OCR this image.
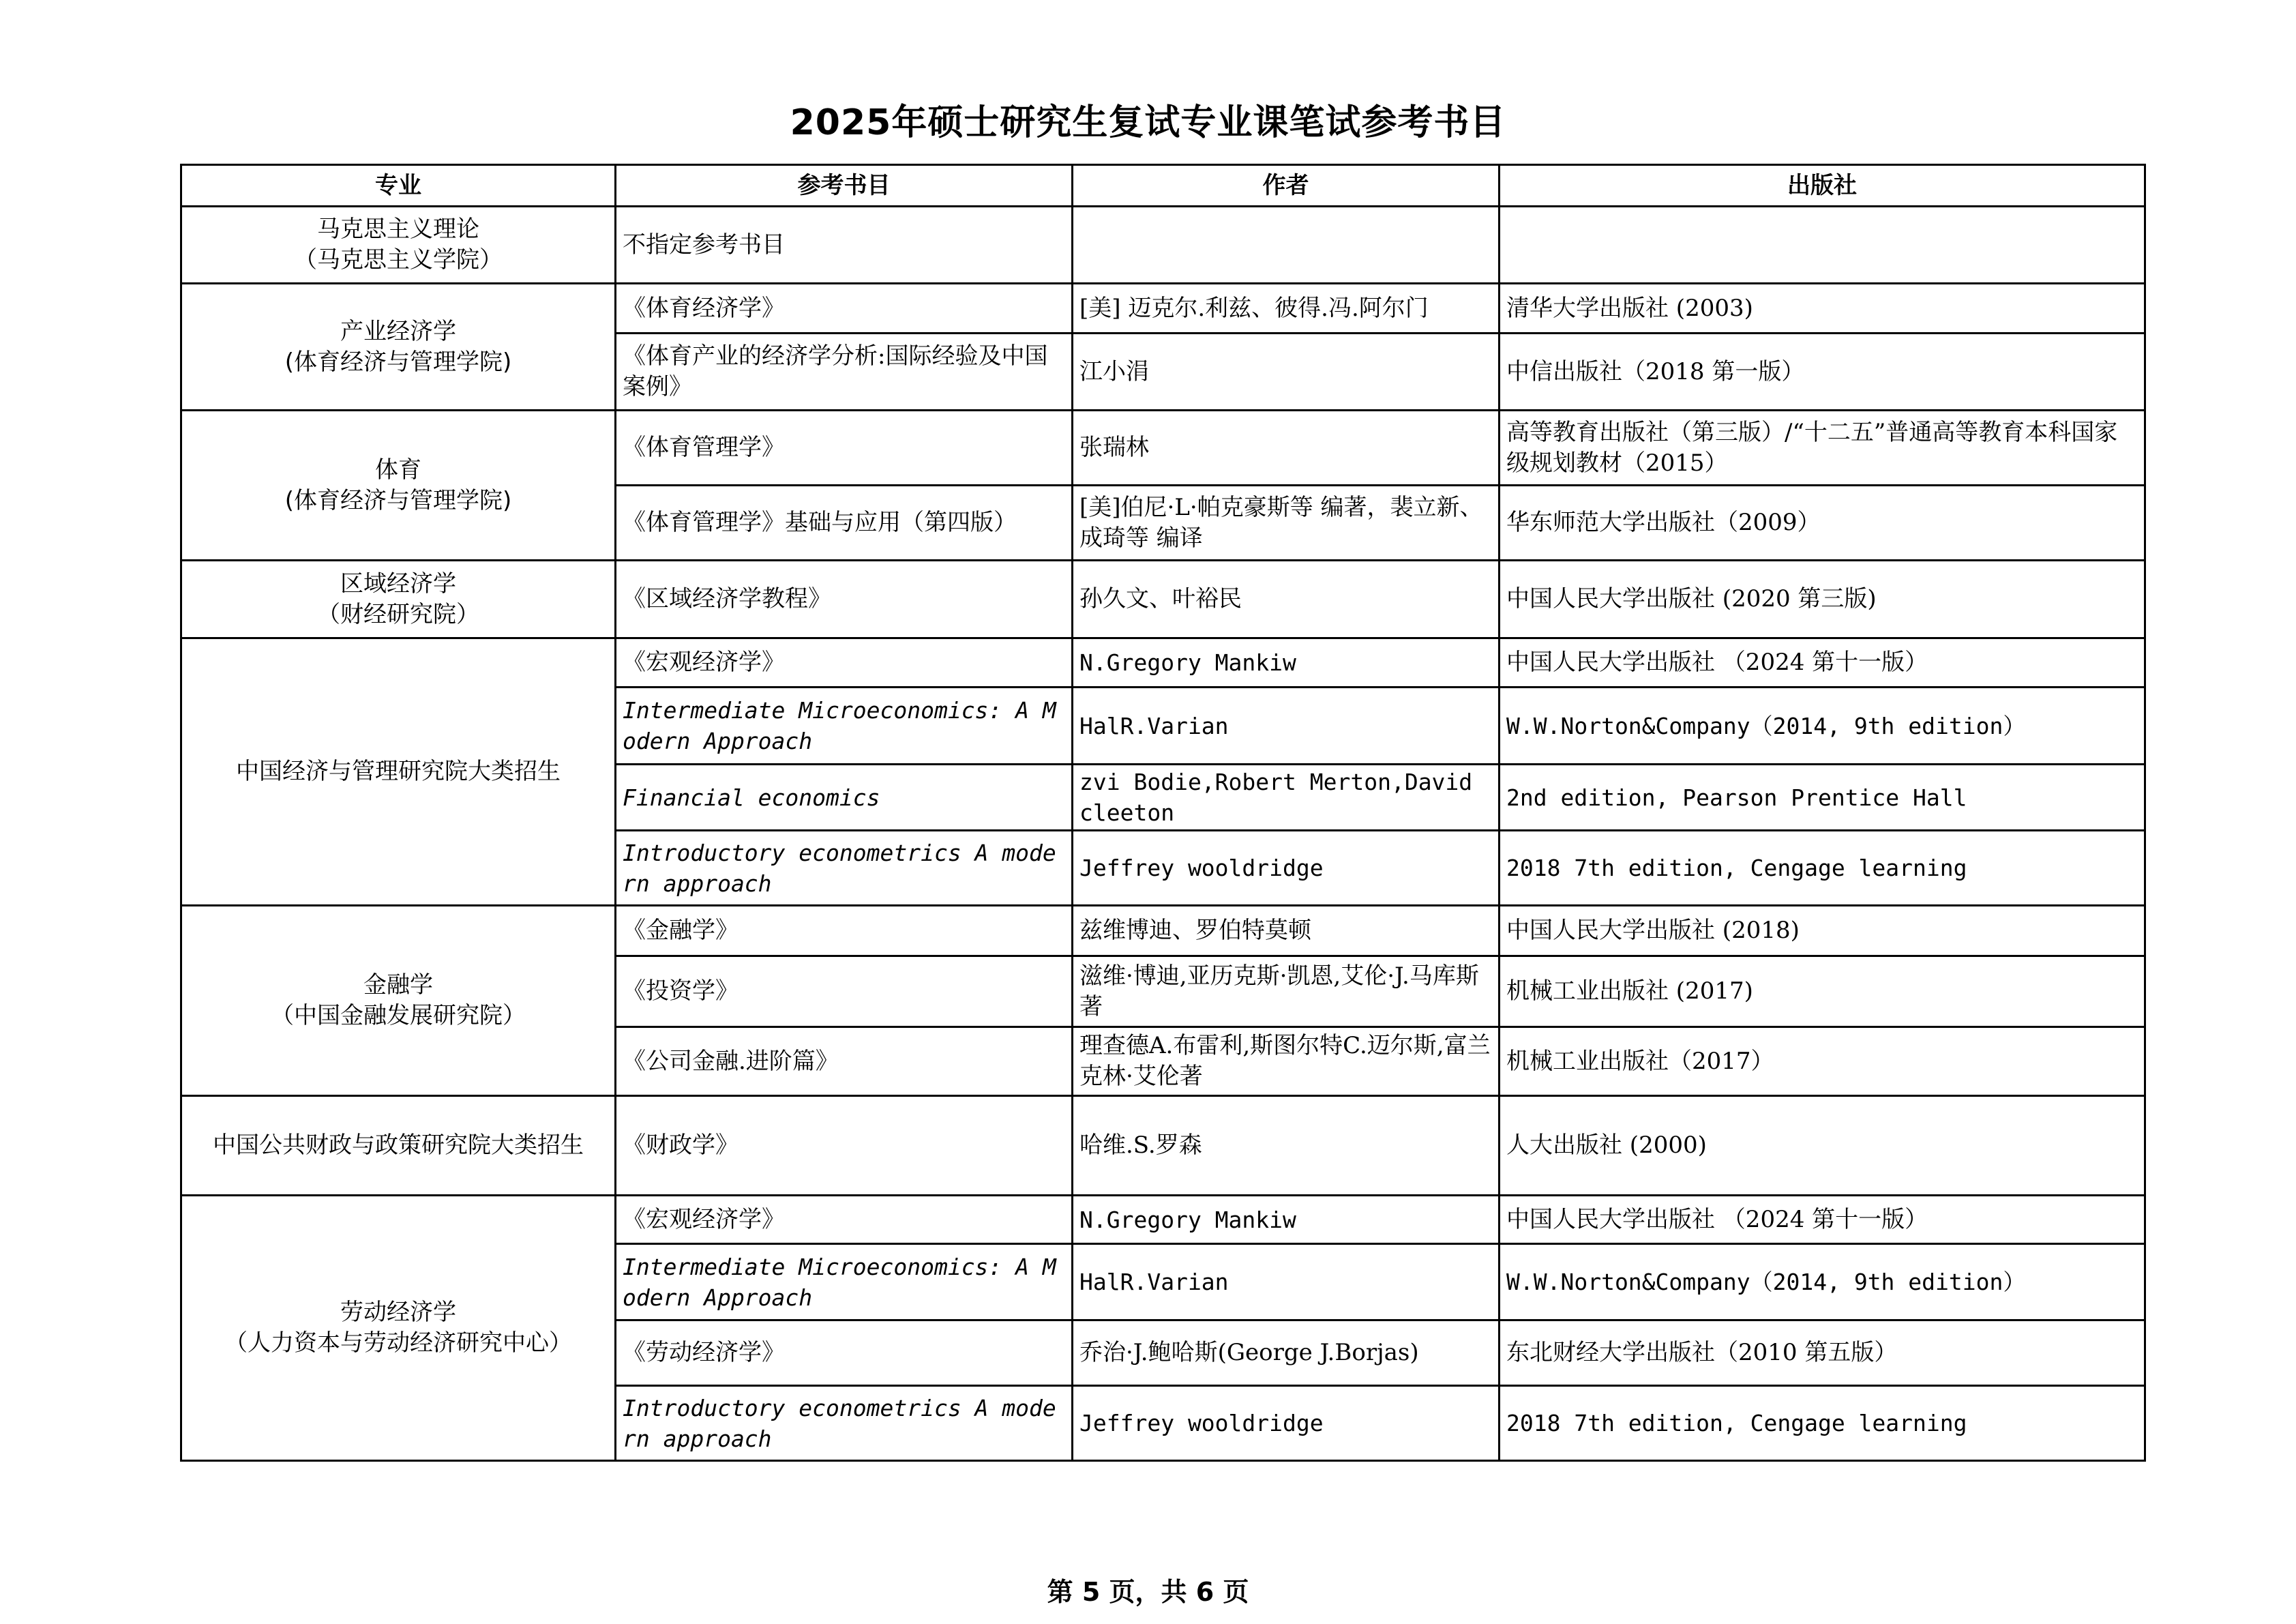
2025年硕士研究生复试专业课笔试参考书目
专业	参考书目	作者	出版社

马克思主义理论
（马克思主义学院）	不指定参考书目		

产业经济学
(体育经济与管理学院)	《体育经济学》	[美] 迈克尔.利兹、彼得.冯.阿尔门	清华大学出版社 (2003)
	《体育产业的经济学分析:国际经验及中国案例》	江小涓	中信出版社（2018 第一版）

体育
(体育经济与管理学院)	《体育管理学》	张瑞林	高等教育出版社（第三版）/“十二五”普通高等教育本科国家级规划教材（2015）
	《体育管理学》基础与应用（第四版）	[美]伯尼·L·帕克豪斯等 编著，裴立新、成琦等 编译	华东师范大学出版社（2009）

区域经济学
（财经研究院）	《区域经济学教程》	孙久文、叶裕民	中国人民大学出版社 (2020 第三版)

中国经济与管理研究院大类招生	《宏观经济学》	N.Gregory Mankiw	中国人民大学出版社 （2024 第十一版）
	Intermediate Microeconomics: A Modern Approach	HalR.Varian	W.W.Norton&Company（2014, 9th edition）
	Financial economics	zvi Bodie,Robert Merton,David cleeton	2nd edition, Pearson Prentice Hall
	Introductory econometrics A modern approach	Jeffrey wooldridge	2018 7th edition, Cengage learning

金融学
（中国金融发展研究院）	《金融学》	兹维博迪、罗伯特莫顿	中国人民大学出版社 (2018)
	《投资学》	滋维·博迪,亚历克斯·凯恩,艾伦·J.马库斯著	机械工业出版社 (2017)
	《公司金融.进阶篇》	理查德A.布雷利,斯图尔特C.迈尔斯,富兰克林·艾伦著	机械工业出版社（2017）

中国公共财政与政策研究院大类招生	《财政学》	哈维.S.罗森	人大出版社 (2000)

劳动经济学
（人力资本与劳动经济研究中心）	《宏观经济学》	N.Gregory Mankiw	中国人民大学出版社 （2024 第十一版）
	Intermediate Microeconomics: A Modern Approach	HalR.Varian	W.W.Norton&Company（2014, 9th edition）
	《劳动经济学》	乔治·J.鲍哈斯(George J.Borjas)	东北财经大学出版社（2010 第五版）
	Introductory econometrics A modern approach	Jeffrey wooldridge	2018 7th edition, Cengage learning
第 5 页，共 6 页
